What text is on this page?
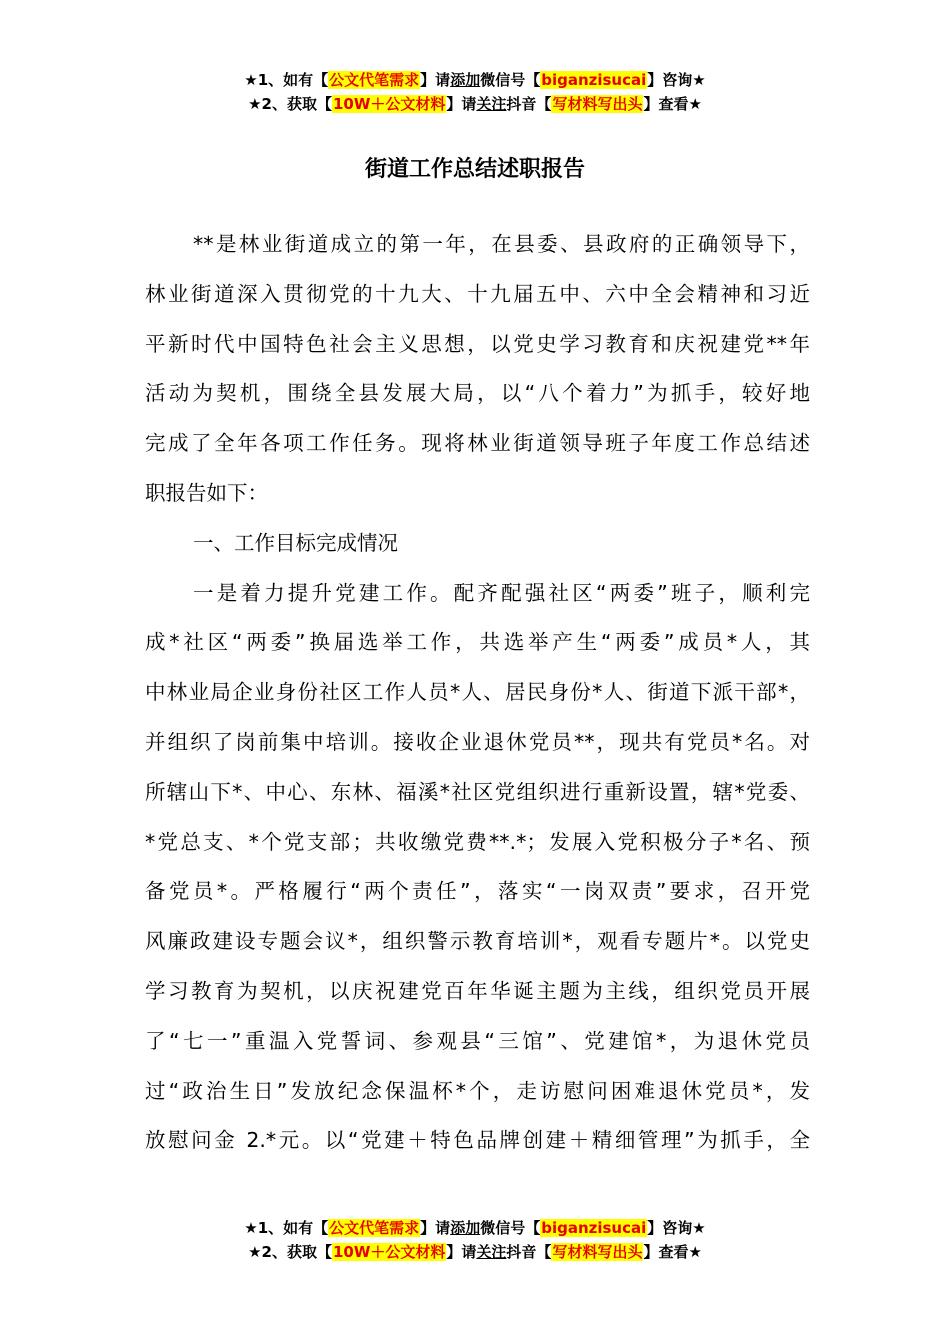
★1、如有【公文代笔需求】请添加微信号【biganzisucai】咨询★
★2、获取【10W＋公文材料】请关注抖音【写材料写出头】查看★
街道工作总结述职报告
**是林业街道成立的第一年，在县委、县政府的正确领导下，
林业街道深入贯彻党的十九大、十九届五中、六中全会精神和习近
平新时代中国特色社会主义思想，以党史学习教育和庆祝建党**年
活动为契机，围绕全县发展大局，以“八个着力”为抓手，较好地
完成了全年各项工作任务。现将林业街道领导班子年度工作总结述
职报告如下：
一、工作目标完成情况
一是着力提升党建工作。配齐配强社区“两委”班子，顺利完
成*社区“两委”换届选举工作，共选举产生“两委”成员*人，其
中林业局企业身份社区工作人员*人、居民身份*人、街道下派干部*，
并组织了岗前集中培训。接收企业退休党员**，现共有党员*名。对
所辖山下*、中心、东林、福溪*社区党组织进行重新设置，辖*党委、
*党总支、*个党支部；共收缴党费**.*；发展入党积极分子*名、预
备党员*。严格履行“两个责任”，落实“一岗双责”要求，召开党
风廉政建设专题会议*，组织警示教育培训*，观看专题片*。以党史
学习教育为契机，以庆祝建党百年华诞主题为主线，组织党员开展
了“七一”重温入党誓词、参观县“三馆”、党建馆*，为退休党员
过“政治生日”发放纪念保温杯*个，走访慰问困难退休党员*，发
放慰问金 2.*元。以“党建＋特色品牌创建＋精细管理”为抓手，全
★1、如有【公文代笔需求】请添加微信号【biganzisucai】咨询★
★2、获取【10W＋公文材料】请关注抖音【写材料写出头】查看★
